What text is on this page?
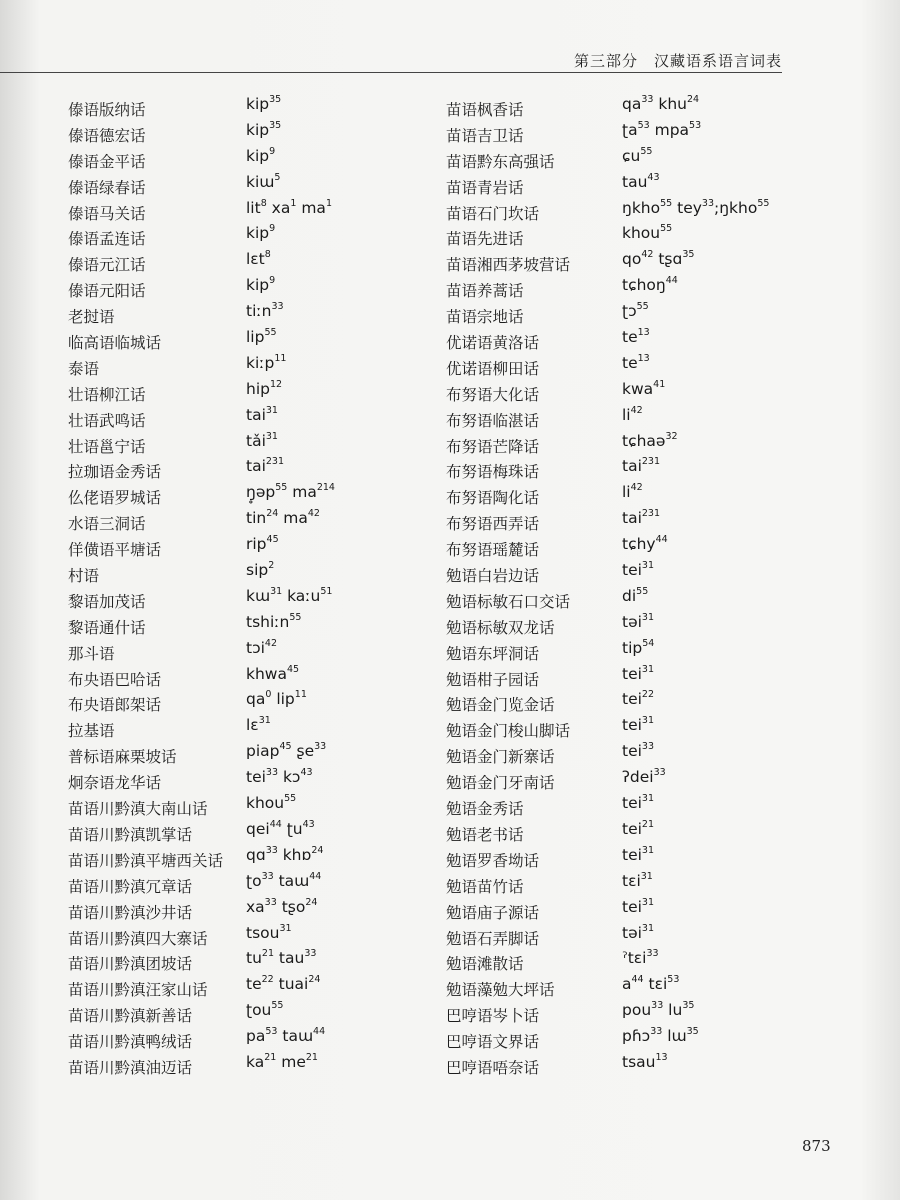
第三部分　汉藏语系语言词表
傣语版纳话	kip$^{35}$
傣语德宏话	kip$^{35}$
傣语金平话	kip$^9$
傣语绿春话	kiɯ$^5$
傣语马关话	lit$^8$ $xa^1$ $ma^1$
傣语孟连话	kip$^9$
傣语元江话	lɛt$^8$
傣语元阳话	kip$^9$
老挝语	tiːn$^{33}$
临高语临城话	lip$^{55}$
泰语	kiːp$^{11}$
壮语柳江话	hip$^{12}$
壮语武鸣话	tai$^{31}$
壮语邕宁话	tǎi$^{31}$
拉珈语金秀话	tai$^{231}$
仫佬语罗城话	ŋ̥əp$^{55}$ $ma^{214}$
水语三洞话	tin$^{24}$ $ma^{42}$
佯僙语平塘话	rip$^{45}$
村语	sip$^2$
黎语加茂话	kɯ$^{31}$ kaːu$^{51}$
黎语通什话	tshiːn$^{55}$
那斗语	tɔi$^{42}$
布央语巴哈话	khwa$^{45}$
布央语郎架话	$qa^0$ lip$^{11}$
拉基语	lɛ$^{31}$
普标语麻栗坡话	piap$^{45}$ ʂe$^{33}$
炯奈语龙华话	tei$^{33}$ kɔ$^{43}$
苗语川黔滇大南山话 khou$^{55}$
苗语川黔滇凯掌话	qei$^{44}$ ʈu$^{43}$
苗语川黔滇平塘西关话 qɑ$^{33}$ khɒ$^{24}$
苗语川黔滇冗章话	ʈo$^{33}$ taɯ$^{44}$
苗语川黔滇沙井话	$xa^{33}$ tʂo$^{24}$
苗语川黔滇四大寨话 tsou$^{31}$
苗语川黔滇团坡话	$tu^{21}$ tau$^{33}$
苗语川黔滇汪家山话 $te^{22}$ tuai$^{24}$
苗语川黔滇新善话	ʈou$^{55}$
苗语川黔滇鸭绒话	$pa^{53}$ taɯ$^{44}$
苗语川黔滇油迈话	$ka^{21}$ $me^{21}$
苗语枫香话	$qa^{33}$ khu$^{24}$
苗语吉卫话	ʈa$^{53}$ mpa$^{53}$
苗语黔东高强话	ɕu$^{55}$
苗语青岩话	tau$^{43}$
苗语石门坎话	ŋkho$^{55}$ tey$^{33}$;ŋkho$^{55}$
苗语先进话	khou$^{55}$
苗语湘西茅坡营话	$qo^{42}$ tʂɑ$^{35}$
苗语养蒿话	tɕhoŋ$^{44}$
苗语宗地话	ʈɔ$^{55}$
优诺语黄洛话	$te^{13}$
优诺语柳田话	$te^{13}$
布努语大化话	kwa$^{41}$
布努语临湛话	$li^{42}$
布努语芒降话	tɕhaə$^{32}$
布努语梅珠话	tai$^{231}$
布努语陶化话	$li^{42}$
布努语西弄话	tai$^{231}$
布努语瑶麓话	tɕhy$^{44}$
勉语白岩边话	tei$^{31}$
勉语标敏石口交话	$di^{55}$
勉语标敏双龙话	təi$^{31}$
勉语东坪洞话	tip$^{54}$
勉语柑子园话	tei$^{31}$
勉语金门览金话	tei$^{22}$
勉语金门梭山脚话	tei$^{31}$
勉语金门新寨话	tei$^{33}$
勉语金门牙南话	ʔdei$^{33}$
勉语金秀话	tei$^{31}$
勉语老书话	tei$^{21}$
勉语罗香坳话	tei$^{31}$
勉语苗竹话	tɛi$^{31}$
勉语庙子源话	tei$^{31}$
勉语石弄脚话	təi$^{31}$
勉语滩散话	ˀtɛi$^{33}$
勉语藻勉大坪话	$a^{44}$ tɛi$^{53}$
巴哼语岑卜话	pou$^{33}$ $lu^{35}$
巴哼语文界话	pɦɔ$^{33}$ lɯ$^{35}$
巴哼语唔奈话	tsau$^{13}$
873
